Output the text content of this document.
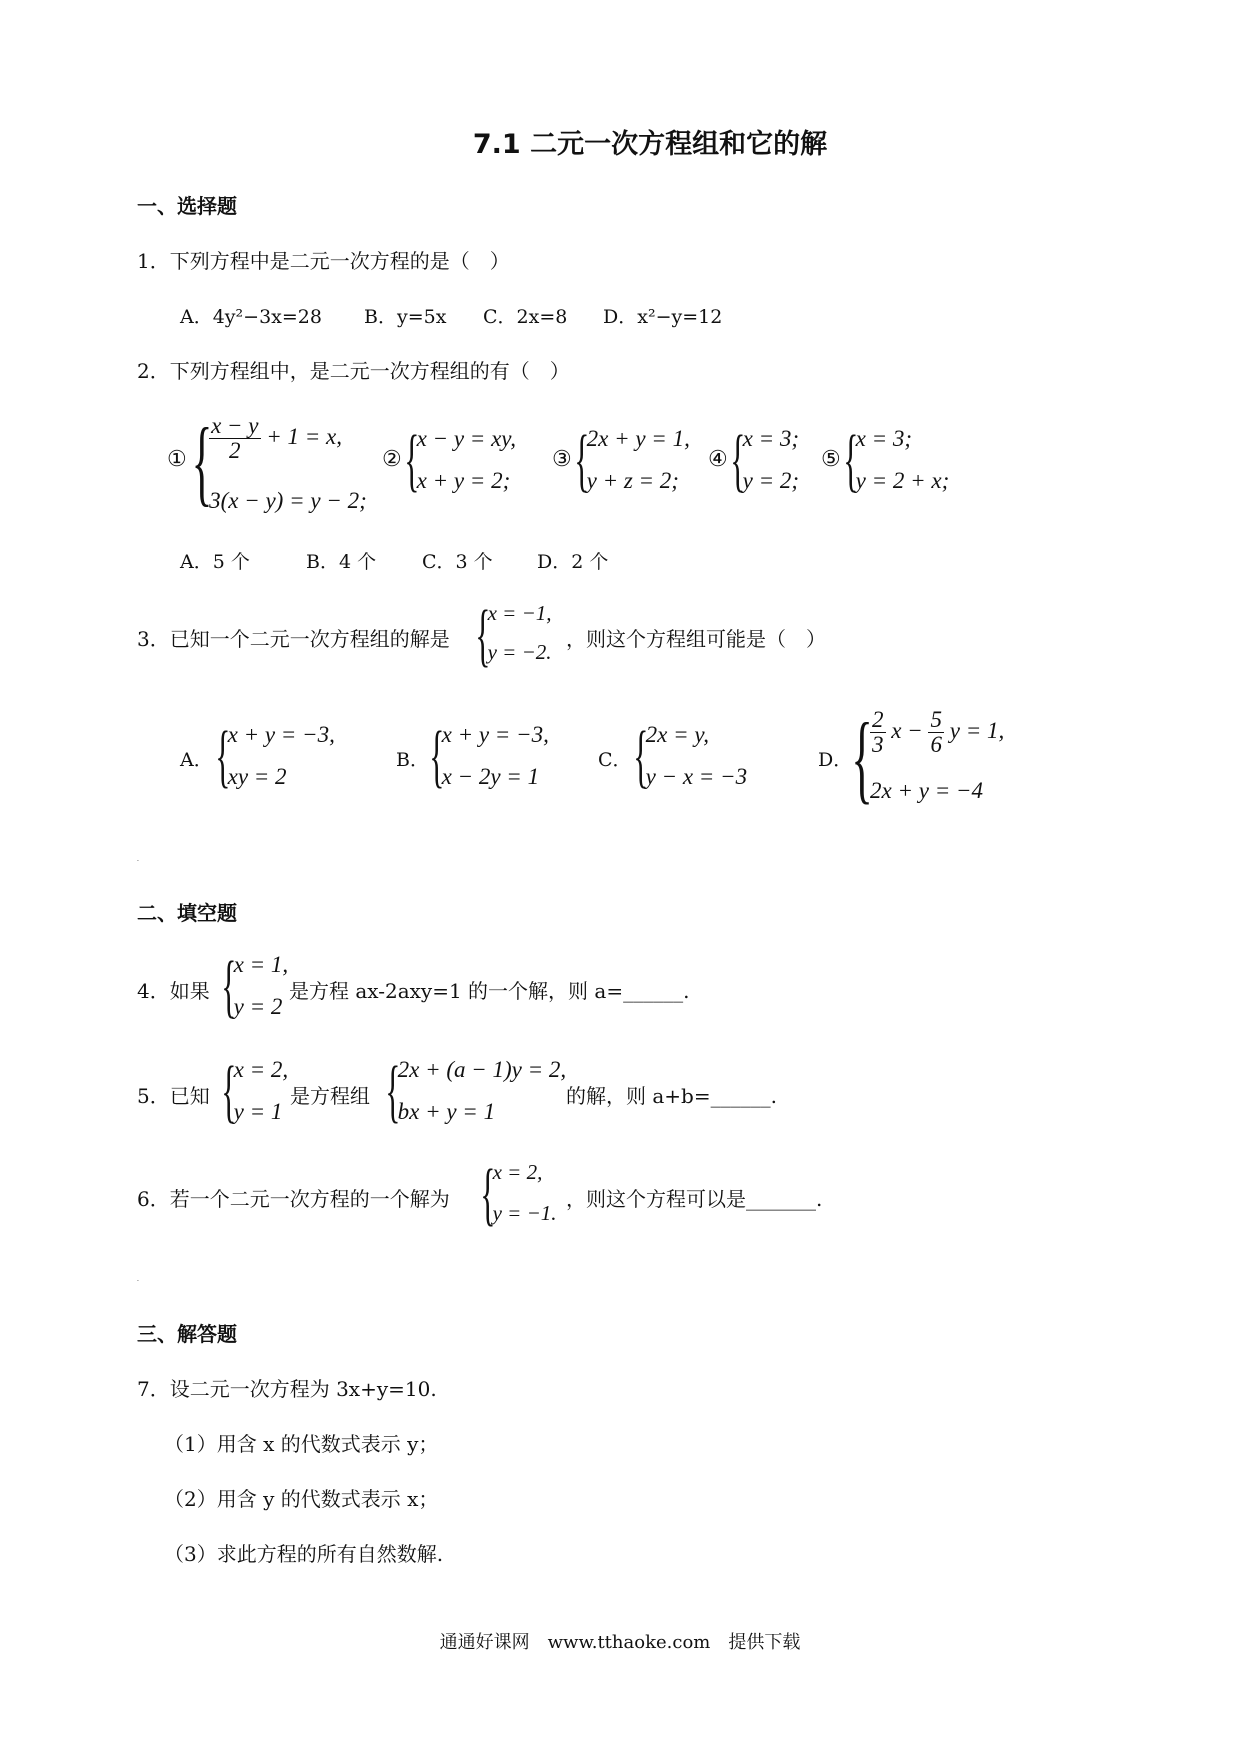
7.1 二元一次方程组和它的解
一、选择题
1．下列方程中是二元一次方程的是（　）
A．4y²−3x=28 B．y=5x C．2x=8 D．x²−y=12
2．下列方程组中，是二元一次方程组的有（　）
① {
$\frac{x - y}{2} + 1 = x$,
3(x − y) = y − 2;
② {
x − y = xy,
x + y = 2;
③ {
2x + y = 1,
y + z = 2;
④ {
x = 3;
y = 2;
⑤ {
x = 3;
y = 2 + x;
A．5 个	B．4 个 C．3 个 D．2 个
3．已知一个二元一次方程组的解是 {
x = −1,
y = −2.
，则这个方程组可能是（　）
A． {
x + y = −3,
xy = 2
B． {
x + y = −3,
x − 2y = 1
C． {
2x = y,
y − x = −3
D．
{
$\frac{2}{3}$ $x - \frac{5}{6}$ y = 1,
2x + y = −4
.
二、填空题
4．如果 {
x = 1,
y = 2
是方程 ax-2axy=1 的一个解，则 a=______.
5．已知 {
x = 2,
y = 1
是方程组 {
2x + (a − 1)y = 2,
bx + y = 1
的解，则 a+b=______.
6．若一个二元一次方程的一个解为 {
x = 2,
y = −1.
，则这个方程可以是_______.
.
三、解答题
7．设二元一次方程为 3x+y=10.
（1）用含 x 的代数式表示 y；
（2）用含 y 的代数式表示 x；
（3）求此方程的所有自然数解.
通通好课网　www.tthaoke.com　提供下载
